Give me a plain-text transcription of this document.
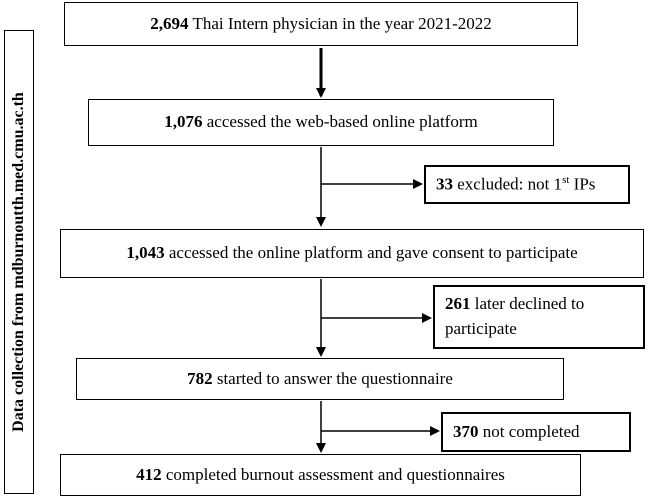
Data collection from mdburnoutth.med.cmu.ac.th
2,694 Thai Intern physician in the year 2021-2022
1,076 accessed the web-based online platform
1,043 accessed the online platform and gave consent to participate
782 started to answer the questionnaire
412 completed burnout assessment and questionnaires
33 excluded: not 1st IPs
261 later declined to
participate
370 not completed
